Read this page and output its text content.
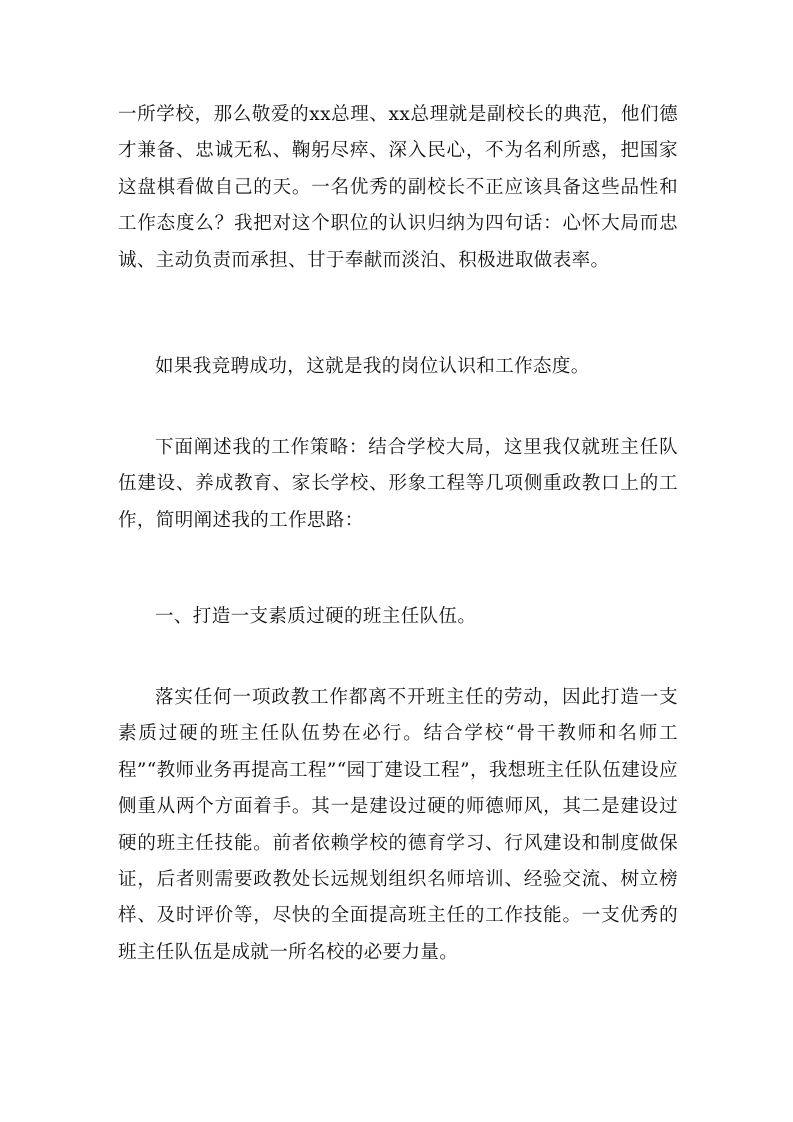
一所学校，那么敬爱的xx总理、xx总理就是副校长的典范，他们德才兼备、忠诚无私、鞠躬尽瘁、深入民心，不为名利所惑，把国家这盘棋看做自己的天。一名优秀的副校长不正应该具备这些品性和工作态度么？我把对这个职位的认识归纳为四句话：心怀大局而忠诚、主动负责而承担、甘于奉献而淡泊、积极进取做表率。

如果我竞聘成功，这就是我的岗位认识和工作态度。

下面阐述我的工作策略：结合学校大局，这里我仅就班主任队伍建设、养成教育、家长学校、形象工程等几项侧重政教口上的工作，简明阐述我的工作思路：

一、打造一支素质过硬的班主任队伍。

落实任何一项政教工作都离不开班主任的劳动，因此打造一支素质过硬的班主任队伍势在必行。结合学校“骨干教师和名师工程”“教师业务再提高工程”“园丁建设工程”，我想班主任队伍建设应侧重从两个方面着手。其一是建设过硬的师德师风，其二是建设过硬的班主任技能。前者依赖学校的德育学习、行风建设和制度做保证，后者则需要政教处长远规划组织名师培训、经验交流、树立榜样、及时评价等，尽快的全面提高班主任的工作技能。一支优秀的班主任队伍是成就一所名校的必要力量。
